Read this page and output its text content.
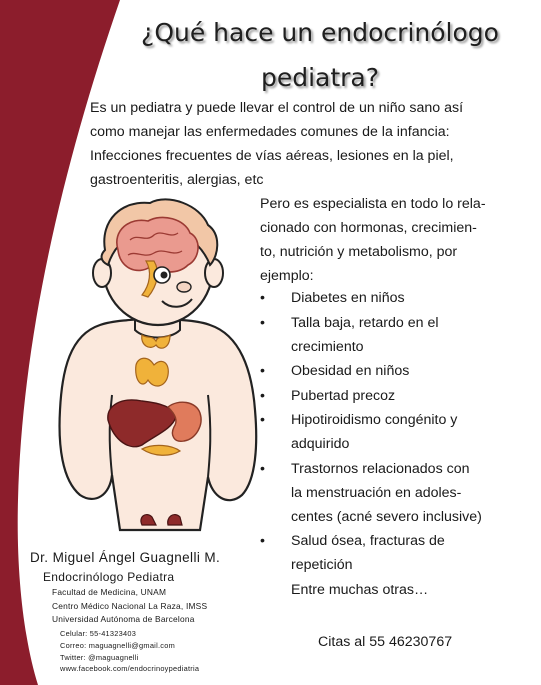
¿Qué hace un endocrinólogo
pediatra?

Es un pediatra y puede llevar el control de un niño sano así

como manejar las enfermedades comunes de la infancia:

Infecciones frecuentes de vías aéreas, lesiones en la piel,

gastroenteritis, alergias, etc

Pero es especialista en todo lo rela-
cionado con hormonas, crecimien-
to, nutrición y metabolismo, por
ejemplo:
• Diabetes en niños
• Talla baja, retardo en el
crecimiento
• Obesidad en niños
• Pubertad precoz
• Hipotiroidismo congénito y
adquirido
• Trastornos relacionados con
la menstruación en adoles-
centes (acné severo inclusive)
• Salud ósea, fracturas de
repetición
Entre muchas otras…
Citas al 55 46230767
Dr. Miguel Ángel Guagnelli M.
Endocrinólogo Pediatra
Facultad de Medicina, UNAM
Centro Médico Nacional La Raza, IMSS
Universidad Autónoma de Barcelona
Celular: 55-41323403
Correo: maguagnelli@gmail.com
Twitter: @maguagnelli
www.facebook.com/endocrinoypediatria
